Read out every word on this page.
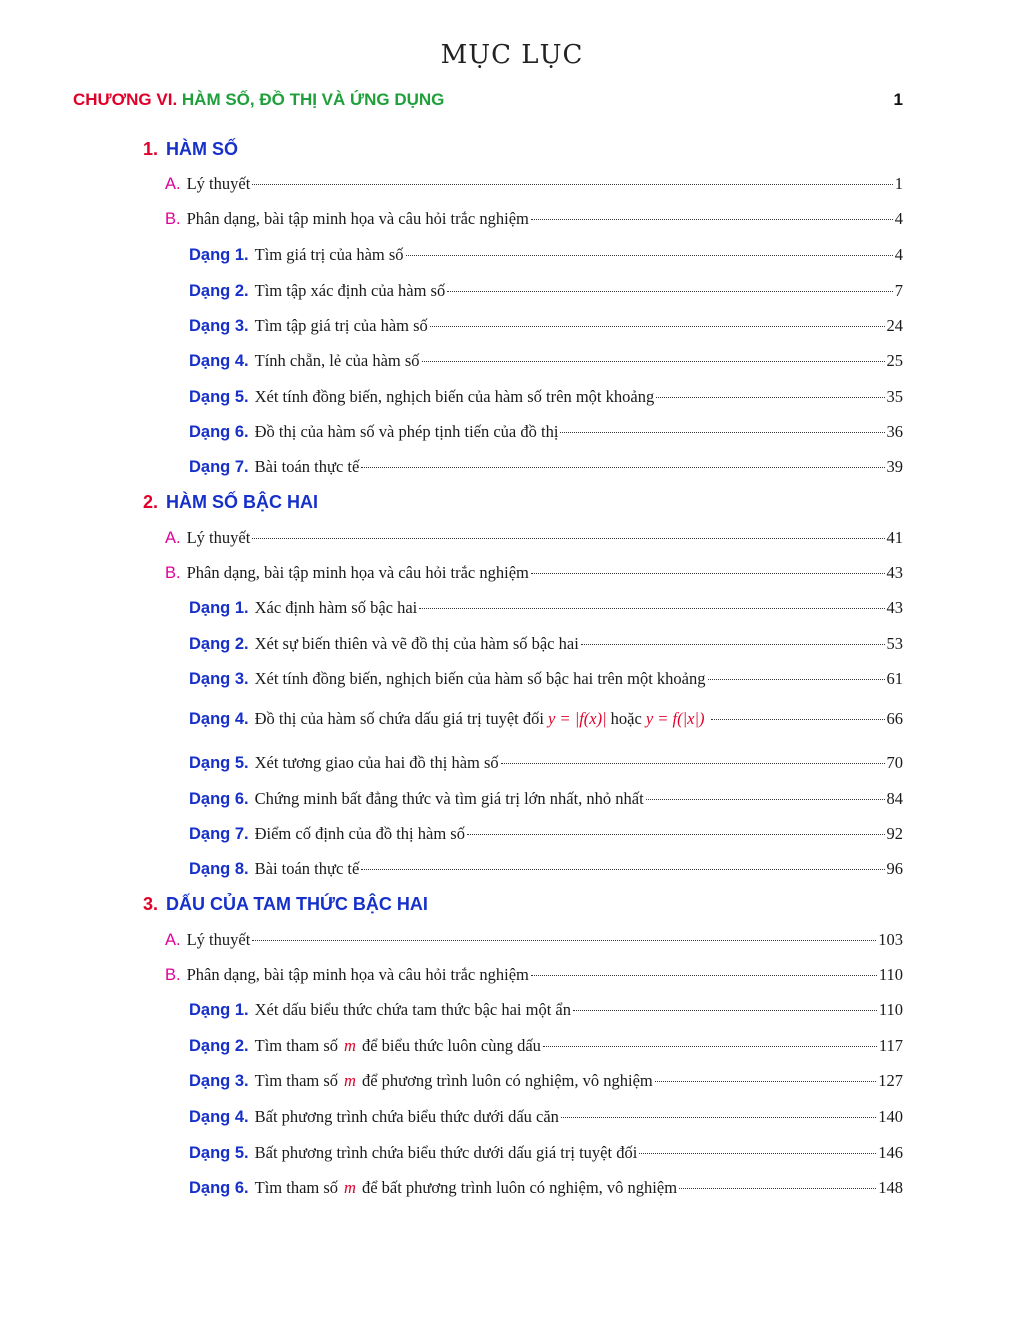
MỤC LỤC
CHƯƠNG VI. HÀM SỐ, ĐỒ THỊ VÀ ỨNG DỤNG	1
1. HÀM SỐ
A. Lý thuyết	1
B. Phân dạng, bài tập minh họa và câu hỏi trắc nghiệm	4
Dạng 1. Tìm giá trị của hàm số	4
Dạng 2. Tìm tập xác định của hàm số	7
Dạng 3. Tìm tập giá trị của hàm số	24
Dạng 4. Tính chẵn, lẻ của hàm số	25
Dạng 5. Xét tính đồng biến, nghịch biến của hàm số trên một khoảng	35
Dạng 6. Đồ thị của hàm số và phép tịnh tiến của đồ thị	36
Dạng 7. Bài toán thực tế	39
2. HÀM SỐ BẬC HAI
A. Lý thuyết	41
B. Phân dạng, bài tập minh họa và câu hỏi trắc nghiệm	43
Dạng 1. Xác định hàm số bậc hai	43
Dạng 2. Xét sự biến thiên và vẽ đồ thị của hàm số bậc hai	53
Dạng 3. Xét tính đồng biến, nghịch biến của hàm số bậc hai trên một khoảng	61
Dạng 4. Đồ thị của hàm số chứa dấu giá trị tuyệt đối y = |f(x)| hoặc y = f(|x|)	66
Dạng 5. Xét tương giao của hai đồ thị hàm số	70
Dạng 6. Chứng minh bất đẳng thức và tìm giá trị lớn nhất, nhỏ nhất	84
Dạng 7. Điểm cố định của đồ thị hàm số	92
Dạng 8. Bài toán thực tế	96
3. DẤU CỦA TAM THỨC BẬC HAI
A. Lý thuyết	103
B. Phân dạng, bài tập minh họa và câu hỏi trắc nghiệm	110
Dạng 1. Xét dấu biểu thức chứa tam thức bậc hai một ẩn	110
Dạng 2. Tìm tham số m để biểu thức luôn cùng dấu	117
Dạng 3. Tìm tham số m để phương trình luôn có nghiệm, vô nghiệm	127
Dạng 4. Bất phương trình chứa biểu thức dưới dấu căn	140
Dạng 5. Bất phương trình chứa biểu thức dưới dấu giá trị tuyệt đối	146
Dạng 6. Tìm tham số m để bất phương trình luôn có nghiệm, vô nghiệm	148
